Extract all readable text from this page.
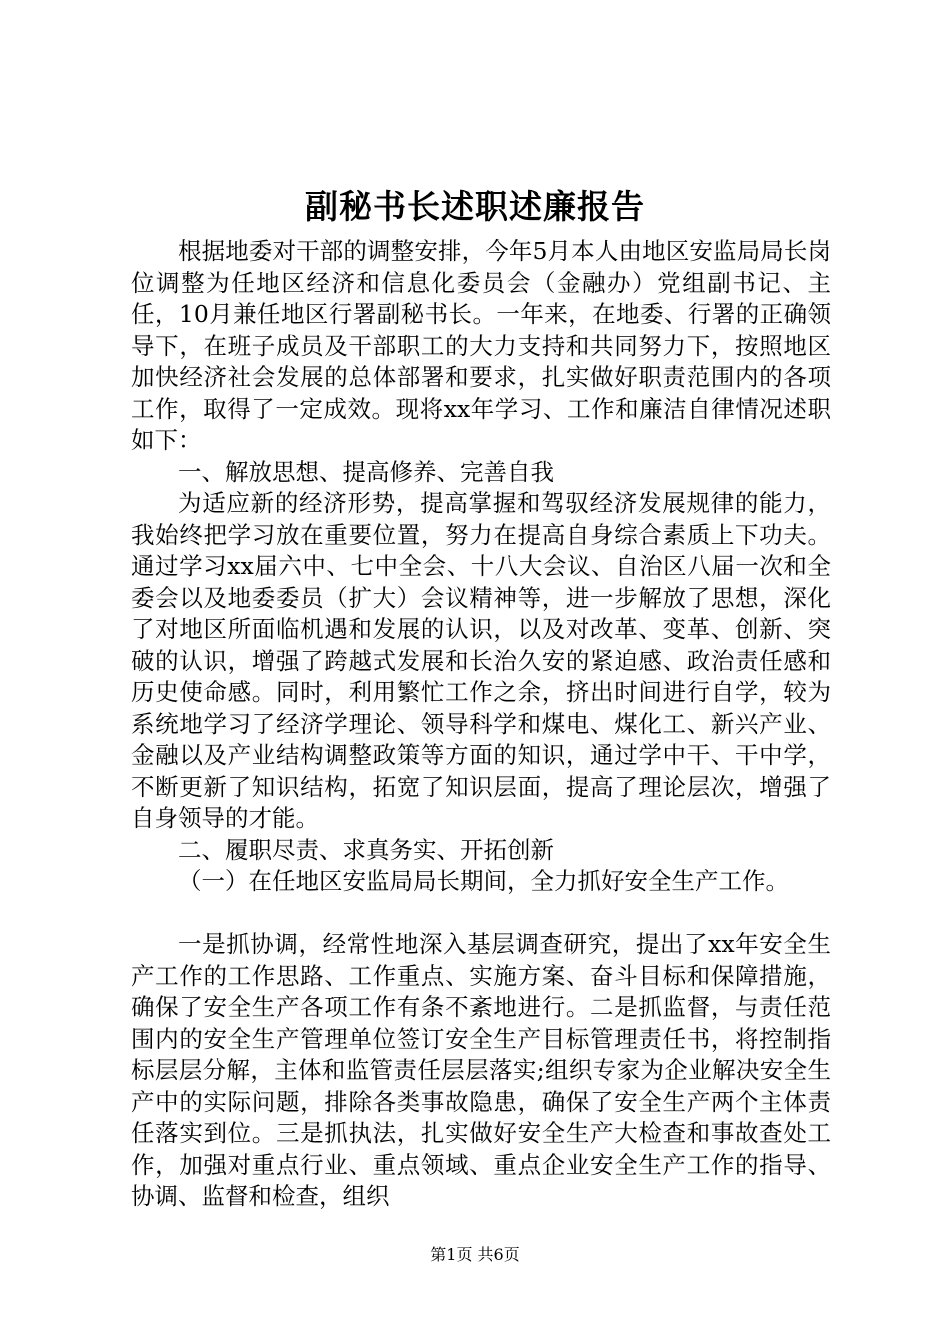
副秘书长述职述廉报告

根据地委对干部的调整安排，今年5月本人由地区安监局局长岗位调整为任地区经济和信息化委员会（金融办）党组副书记、主任，10月兼任地区行署副秘书长。一年来，在地委、行署的正确领导下，在班子成员及干部职工的大力支持和共同努力下，按照地区加快经济社会发展的总体部署和要求，扎实做好职责范围内的各项工作，取得了一定成效。现将xx年学习、工作和廉洁自律情况述职如下：

一、解放思想、提高修养、完善自我

为适应新的经济形势，提高掌握和驾驭经济发展规律的能力，我始终把学习放在重要位置，努力在提高自身综合素质上下功夫。通过学习xx届六中、七中全会、十八大会议、自治区八届一次和全委会以及地委委员（扩大）会议精神等，进一步解放了思想，深化了对地区所面临机遇和发展的认识，以及对改革、变革、创新、突破的认识，增强了跨越式发展和长治久安的紧迫感、政治责任感和历史使命感。同时，利用繁忙工作之余，挤出时间进行自学，较为系统地学习了经济学理论、领导科学和煤电、煤化工、新兴产业、金融以及产业结构调整政策等方面的知识，通过学中干、干中学，不断更新了知识结构，拓宽了知识层面，提高了理论层次，增强了自身领导的才能。

二、履职尽责、求真务实、开拓创新

（一）在任地区安监局局长期间，全力抓好安全生产工作。

一是抓协调，经常性地深入基层调查研究，提出了xx年安全生产工作的工作思路、工作重点、实施方案、奋斗目标和保障措施，确保了安全生产各项工作有条不紊地进行。二是抓监督，与责任范围内的安全生产管理单位签订安全生产目标管理责任书，将控制指标层层分解，主体和监管责任层层落实;组织专家为企业解决安全生产中的实际问题，排除各类事故隐患，确保了安全生产两个主体责任落实到位。三是抓执法，扎实做好安全生产大检查和事故查处工作，加强对重点行业、重点领域、重点企业安全生产工作的指导、协调、监督和检查，组织

第1页 共6页
